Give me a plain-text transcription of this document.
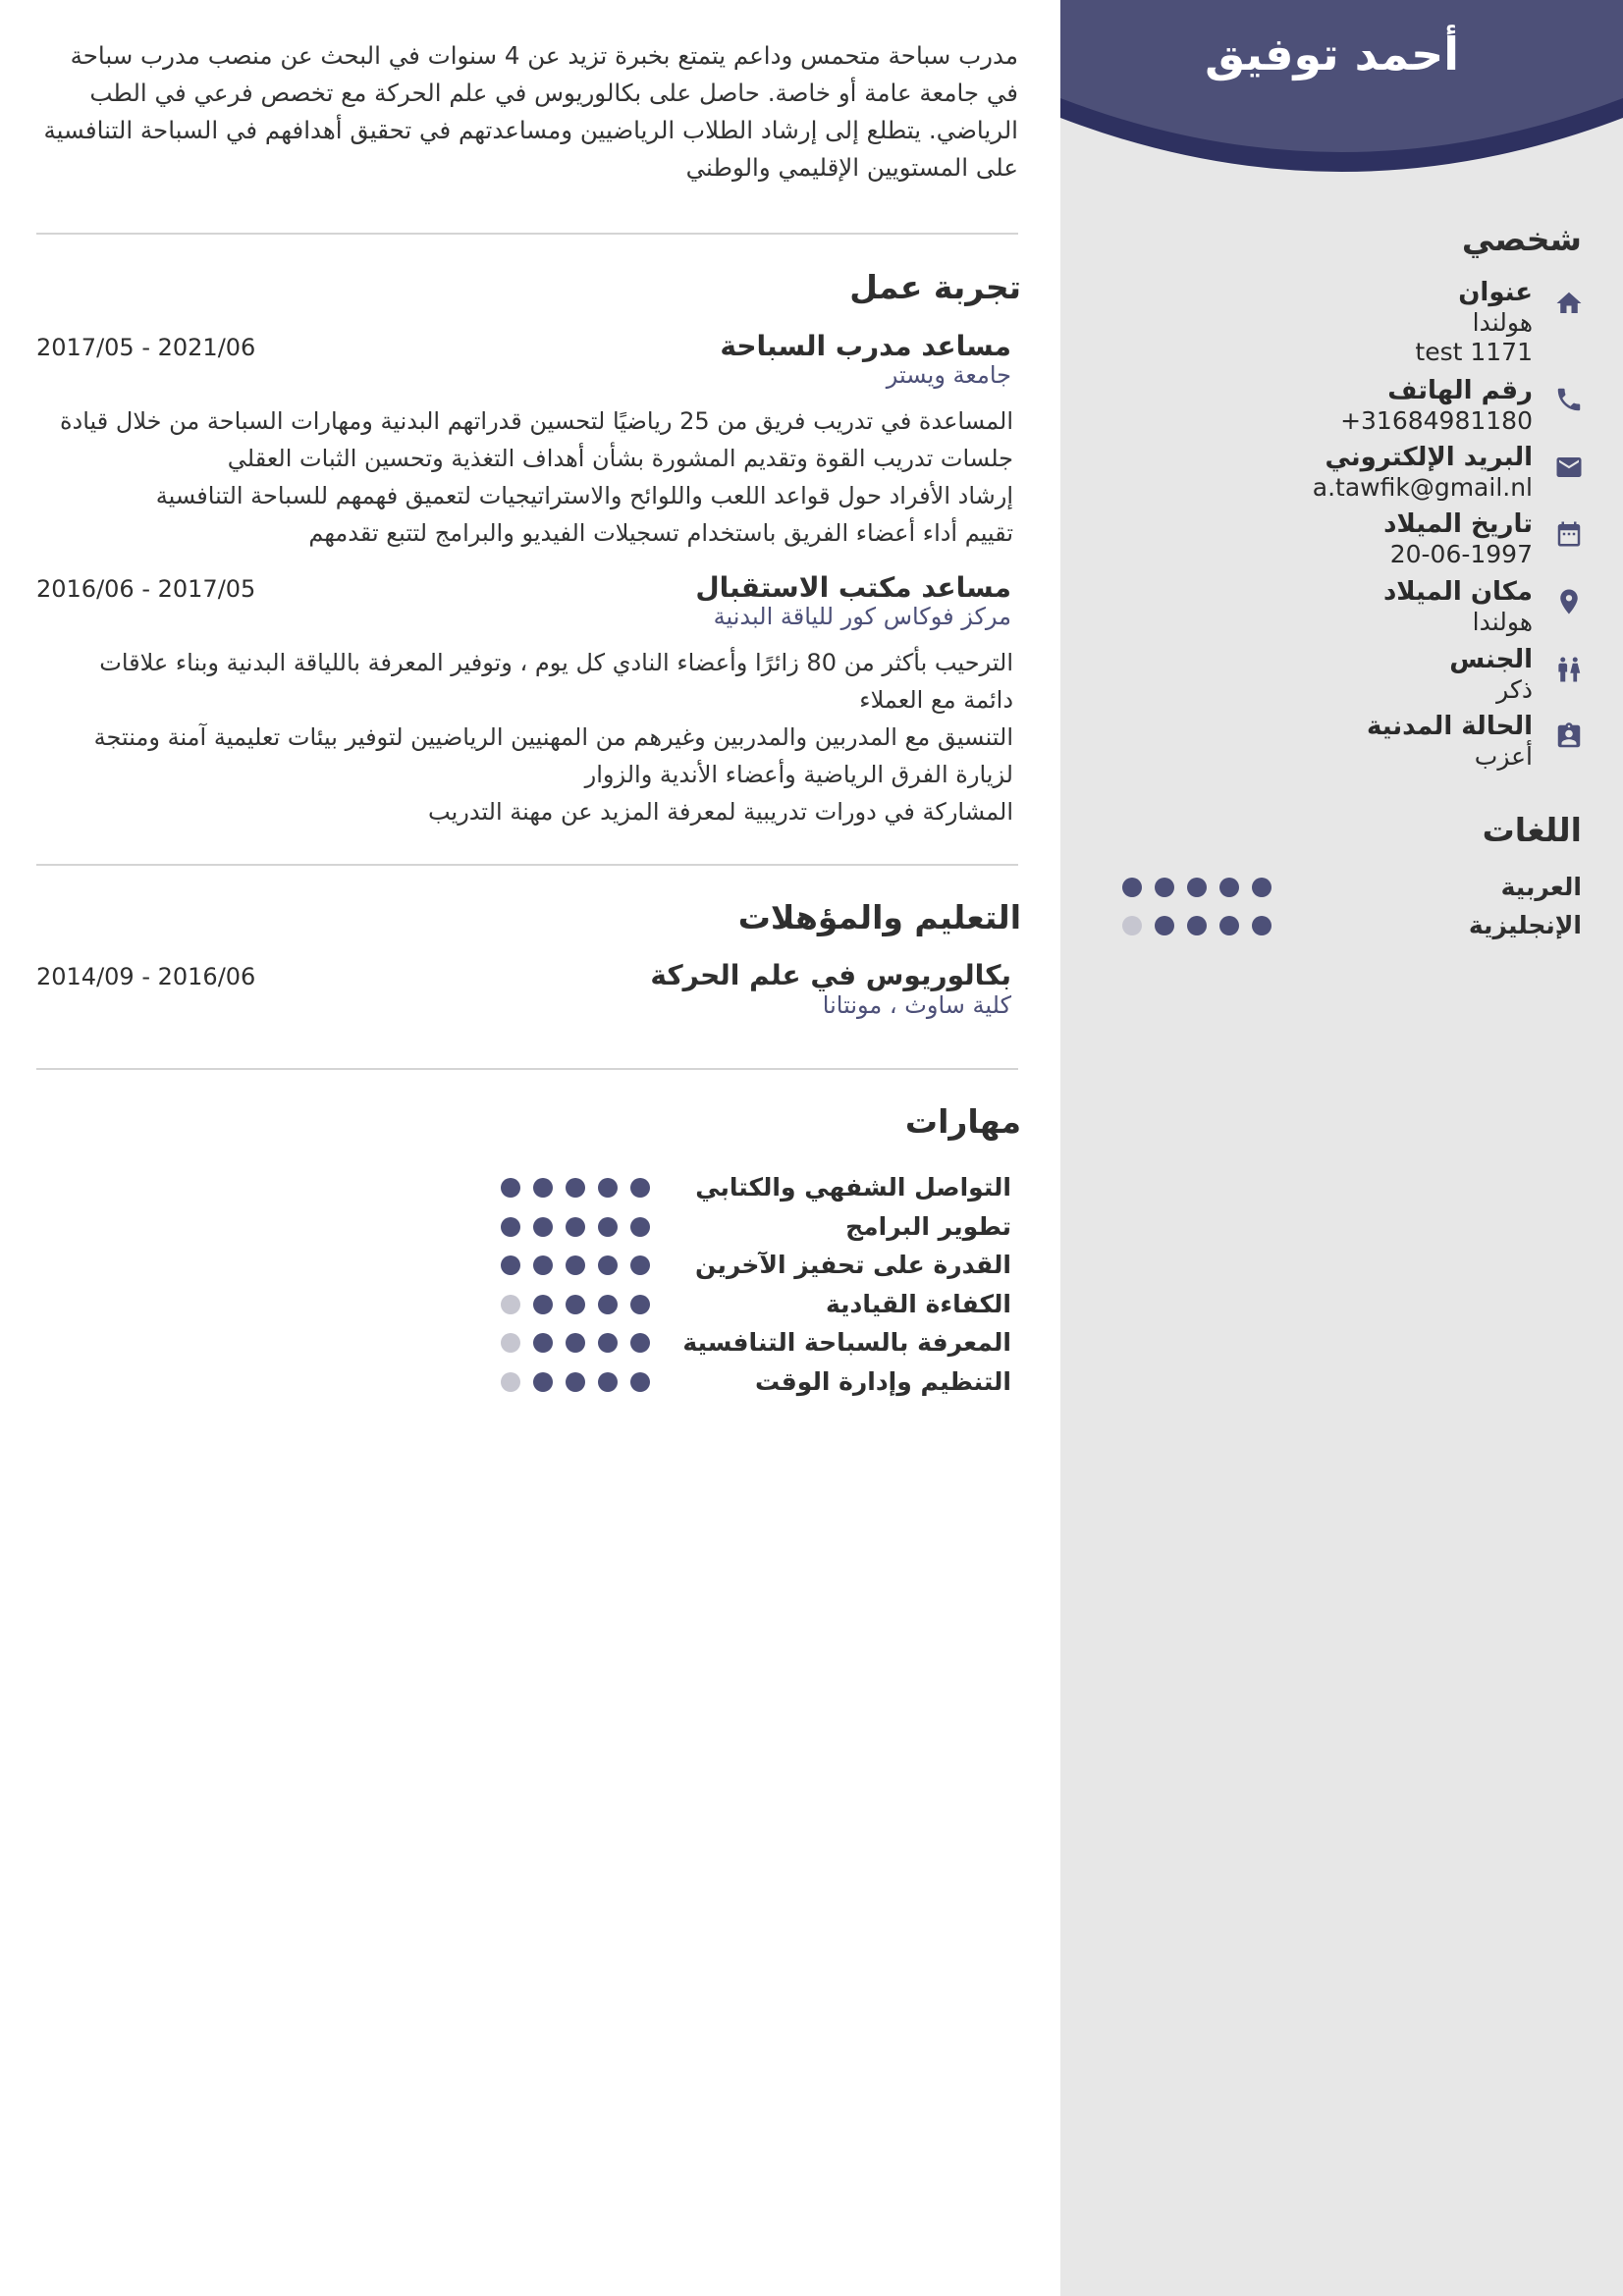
أحمد توفيق
شخصي
عنوان
هولندا
test 1171
رقم الهاتف
+31684981180
البريد الإلكتروني
a.tawfik@gmail.nl
تاريخ الميلاد
20-06-1997
مكان الميلاد
هولندا
الجنس
ذكر
الحالة المدنية
أعزب
اللغات
العربية
الإنجليزية
مدرب سباحة متحمس وداعم يتمتع بخبرة تزيد عن 4 سنوات في البحث عن منصب مدرب سباحة في جامعة عامة أو خاصة. حاصل على بكالوريوس في علم الحركة مع تخصص فرعي في الطب الرياضي. يتطلع إلى إرشاد الطلاب الرياضيين ومساعدتهم في تحقيق أهدافهم في السباحة التنافسية على المستويين الإقليمي والوطني
تجربة عمل
مساعد مدرب السباحة
2017/05 - 2021/06
جامعة ويستر
المساعدة في تدريب فريق من 25 رياضيًا لتحسين قدراتهم البدنية ومهارات السباحة من خلال قيادة جلسات تدريب القوة وتقديم المشورة بشأن أهداف التغذية وتحسين الثبات العقلي
إرشاد الأفراد حول قواعد اللعب واللوائح والاستراتيجيات لتعميق فهمهم للسباحة التنافسية
تقييم أداء أعضاء الفريق باستخدام تسجيلات الفيديو والبرامج لتتبع تقدمهم
مساعد مكتب الاستقبال
2016/06 - 2017/05
مركز فوكاس كور للياقة البدنية
الترحيب بأكثر من 80 زائرًا وأعضاء النادي كل يوم ، وتوفير المعرفة باللياقة البدنية وبناء علاقات دائمة مع العملاء
التنسيق مع المدربين والمدربين وغيرهم من المهنيين الرياضيين لتوفير بيئات تعليمية آمنة ومنتجة لزيارة الفرق الرياضية وأعضاء الأندية والزوار
المشاركة في دورات تدريبية لمعرفة المزيد عن مهنة التدريب
التعليم والمؤهلات
بكالوريوس في علم الحركة
2014/09 - 2016/06
كلية ساوث ، مونتانا
مهارات
التواصل الشفهي والكتابي
تطوير البرامج
القدرة على تحفيز الآخرين
الكفاءة القيادية
المعرفة بالسباحة التنافسية
التنظيم وإدارة الوقت
